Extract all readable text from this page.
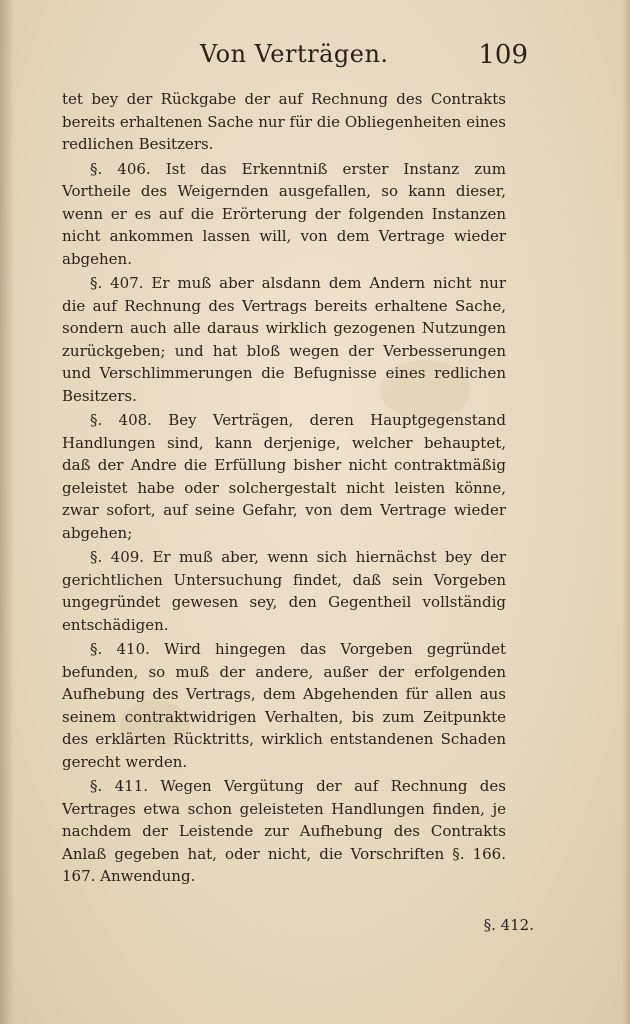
Von Verträgen.	109

tet bey der Rückgabe der auf Rechnung des Contrakts bereits erhaltenen Sache nur für die Obliegenheiten eines redlichen Besitzers.

§. 406. Ist das Erkenntniß erster Instanz zum Vortheile des Weigernden ausgefallen, so kann dieser, wenn er es auf die Erörterung der folgenden Instanzen nicht ankommen lassen will, von dem Vertrage wieder abgehen.

§. 407. Er muß aber alsdann dem Andern nicht nur die auf Rechnung des Vertrags bereits erhaltene Sache, sondern auch alle daraus wirklich gezogenen Nutzungen zurückgeben; und hat bloß wegen der Verbesserungen und Verschlimmerungen die Befugnisse eines redlichen Besitzers.

§. 408. Bey Verträgen, deren Hauptgegenstand Handlungen sind, kann derjenige, welcher behauptet, daß der Andre die Erfüllung bisher nicht contraktmäßig geleistet habe oder solchergestalt nicht leisten könne, zwar sofort, auf seine Gefahr, von dem Vertrage wieder abgehen;

§. 409. Er muß aber, wenn sich hiernächst bey der gerichtlichen Untersuchung findet, daß sein Vorgeben ungegründet gewesen sey, den Gegentheil vollständig entschädigen.

§. 410. Wird hingegen das Vorgeben gegründet befunden, so muß der andere, außer der erfolgenden Aufhebung des Vertrags, dem Abgehenden für allen aus seinem contraktwidrigen Verhalten, bis zum Zeitpunkte des erklärten Rücktritts, wirklich entstandenen Schaden gerecht werden.

§. 411. Wegen Vergütung der auf Rechnung des Vertrages etwa schon geleisteten Handlungen finden, je nachdem der Leistende zur Aufhebung des Contrakts Anlaß gegeben hat, oder nicht, die Vorschriften §. 166. 167. Anwendung.

§. 412.
